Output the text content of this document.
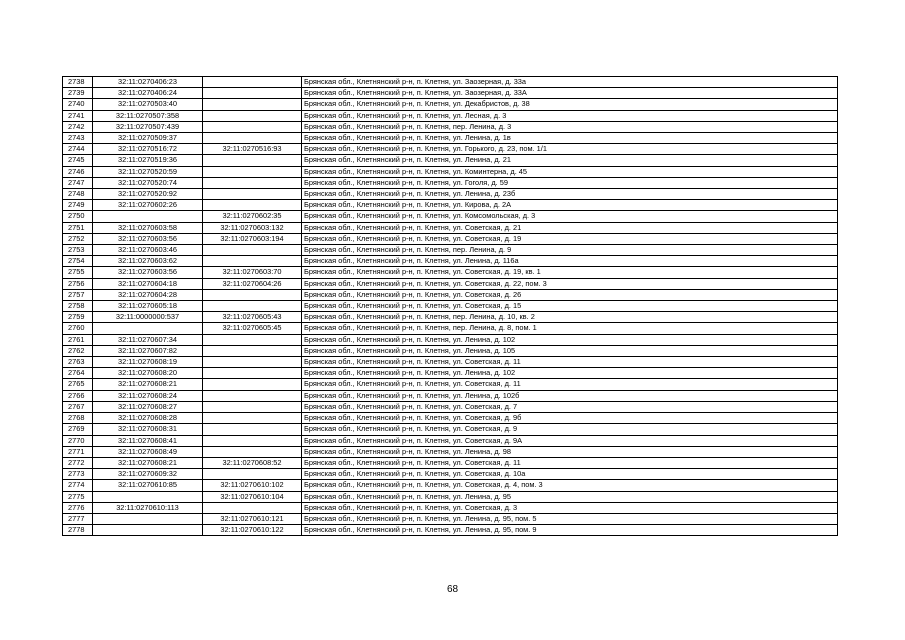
2738	32:11:0270406:23		Брянская обл., Клетнянский р-н, п. Клетня, ул. Заозерная, д. 33а
2739	32:11:0270406:24		Брянская обл., Клетнянский р-н, п. Клетня, ул. Заозерная, д. 33А
2740	32:11:0270503:40		Брянская обл., Клетнянский р-н, п. Клетня, ул. Декабристов, д. 38
2741	32:11:0270507:358		Брянская обл., Клетнянский р-н, п. Клетня, ул. Лесная, д. 3
2742	32:11:0270507:439		Брянская обл., Клетнянский р-н, п. Клетня, пер. Ленина, д. 3
2743	32:11:0270509:37		Брянская обл., Клетнянский р-н, п. Клетня, ул. Ленина, д. 1в
2744	32:11:0270516:72	32:11:0270516:93	Брянская обл., Клетнянский р-н, п. Клетня, ул. Горького, д. 23, пом. 1/1
2745	32:11:0270519:36		Брянская обл., Клетнянский р-н, п. Клетня, ул. Ленина, д. 21
2746	32:11:0270520:59		Брянская обл., Клетнянский р-н, п. Клетня, ул. Коминтерна, д. 45
2747	32:11:0270520:74		Брянская обл., Клетнянский р-н, п. Клетня, ул. Гоголя, д. 59
2748	32:11:0270520:92		Брянская обл., Клетнянский р-н, п. Клетня, ул. Ленина, д. 23б
2749	32:11:0270602:26		Брянская обл., Клетнянский р-н, п. Клетня, ул. Кирова, д. 2А
2750		32:11:0270602:35	Брянская обл., Клетнянский р-н, п. Клетня, ул. Комсомольская, д. 3
2751	32:11:0270603:58	32:11:0270603:132	Брянская обл., Клетнянский р-н, п. Клетня, ул. Советская, д. 21
2752	32:11:0270603:56	32:11:0270603:194	Брянская обл., Клетнянский р-н, п. Клетня, ул. Советская, д. 19
2753	32:11:0270603:46		Брянская обл., Клетнянский р-н, п. Клетня, пер. Ленина, д. 9
2754	32:11:0270603:62		Брянская обл., Клетнянский р-н, п. Клетня, ул. Ленина, д. 116а
2755	32:11:0270603:56	32:11:0270603:70	Брянская обл., Клетнянский р-н, п. Клетня, ул. Советская, д. 19, кв. 1
2756	32:11:0270604:18	32:11:0270604:26	Брянская обл., Клетнянский р-н, п. Клетня, ул. Советская, д. 22, пом. 3
2757	32:11:0270604:28		Брянская обл., Клетнянский р-н, п. Клетня, ул. Советская, д. 26
2758	32:11:0270605:18		Брянская обл., Клетнянский р-н, п. Клетня, ул. Советская, д. 15
2759	32:11:0000000:537	32:11:0270605:43	Брянская обл., Клетнянский р-н, п. Клетня, пер. Ленина, д. 10, кв. 2
2760		32:11:0270605:45	Брянская обл., Клетнянский р-н, п. Клетня, пер. Ленина, д. 8, пом. 1
2761	32:11:0270607:34		Брянская обл., Клетнянский р-н, п. Клетня, ул. Ленина, д. 102
2762	32:11:0270607:82		Брянская обл., Клетнянский р-н, п. Клетня, ул. Ленина, д. 105
2763	32:11:0270608:19		Брянская обл., Клетнянский р-н, п. Клетня, ул. Советская, д. 11
2764	32:11:0270608:20		Брянская обл., Клетнянский р-н, п. Клетня, ул. Ленина, д. 102
2765	32:11:0270608:21		Брянская обл., Клетнянский р-н, п. Клетня, ул. Советская, д. 11
2766	32:11:0270608:24		Брянская обл., Клетнянский р-н, п. Клетня, ул. Ленина, д. 102б
2767	32:11:0270608:27		Брянская обл., Клетнянский р-н, п. Клетня, ул. Советская, д. 7
2768	32:11:0270608:28		Брянская обл., Клетнянский р-н, п. Клетня, ул. Советская, д. 9б
2769	32:11:0270608:31		Брянская обл., Клетнянский р-н, п. Клетня, ул. Советская, д. 9
2770	32:11:0270608:41		Брянская обл., Клетнянский р-н, п. Клетня, ул. Советская, д. 9А
2771	32:11:0270608:49		Брянская обл., Клетнянский р-н, п. Клетня, ул. Ленина, д. 98
2772	32:11:0270608:21	32:11:0270608:52	Брянская обл., Клетнянский р-н, п. Клетня, ул. Советская, д. 11
2773	32:11:0270609:32		Брянская обл., Клетнянский р-н, п. Клетня, ул. Советская, д. 10а
2774	32:11:0270610:85	32:11:0270610:102	Брянская обл., Клетнянский р-н, п. Клетня, ул. Советская, д. 4, пом. 3
2775		32:11:0270610:104	Брянская обл., Клетнянский р-н, п. Клетня, ул. Ленина, д. 95
2776	32:11:0270610:113		Брянская обл., Клетнянский р-н, п. Клетня, ул. Советская, д. 3
2777		32:11:0270610:121	Брянская обл., Клетнянский р-н, п. Клетня, ул. Ленина, д. 95, пом. 5
2778		32:11:0270610:122	Брянская обл., Клетнянский р-н, п. Клетня, ул. Ленина, д. 95, пом. 9
68
